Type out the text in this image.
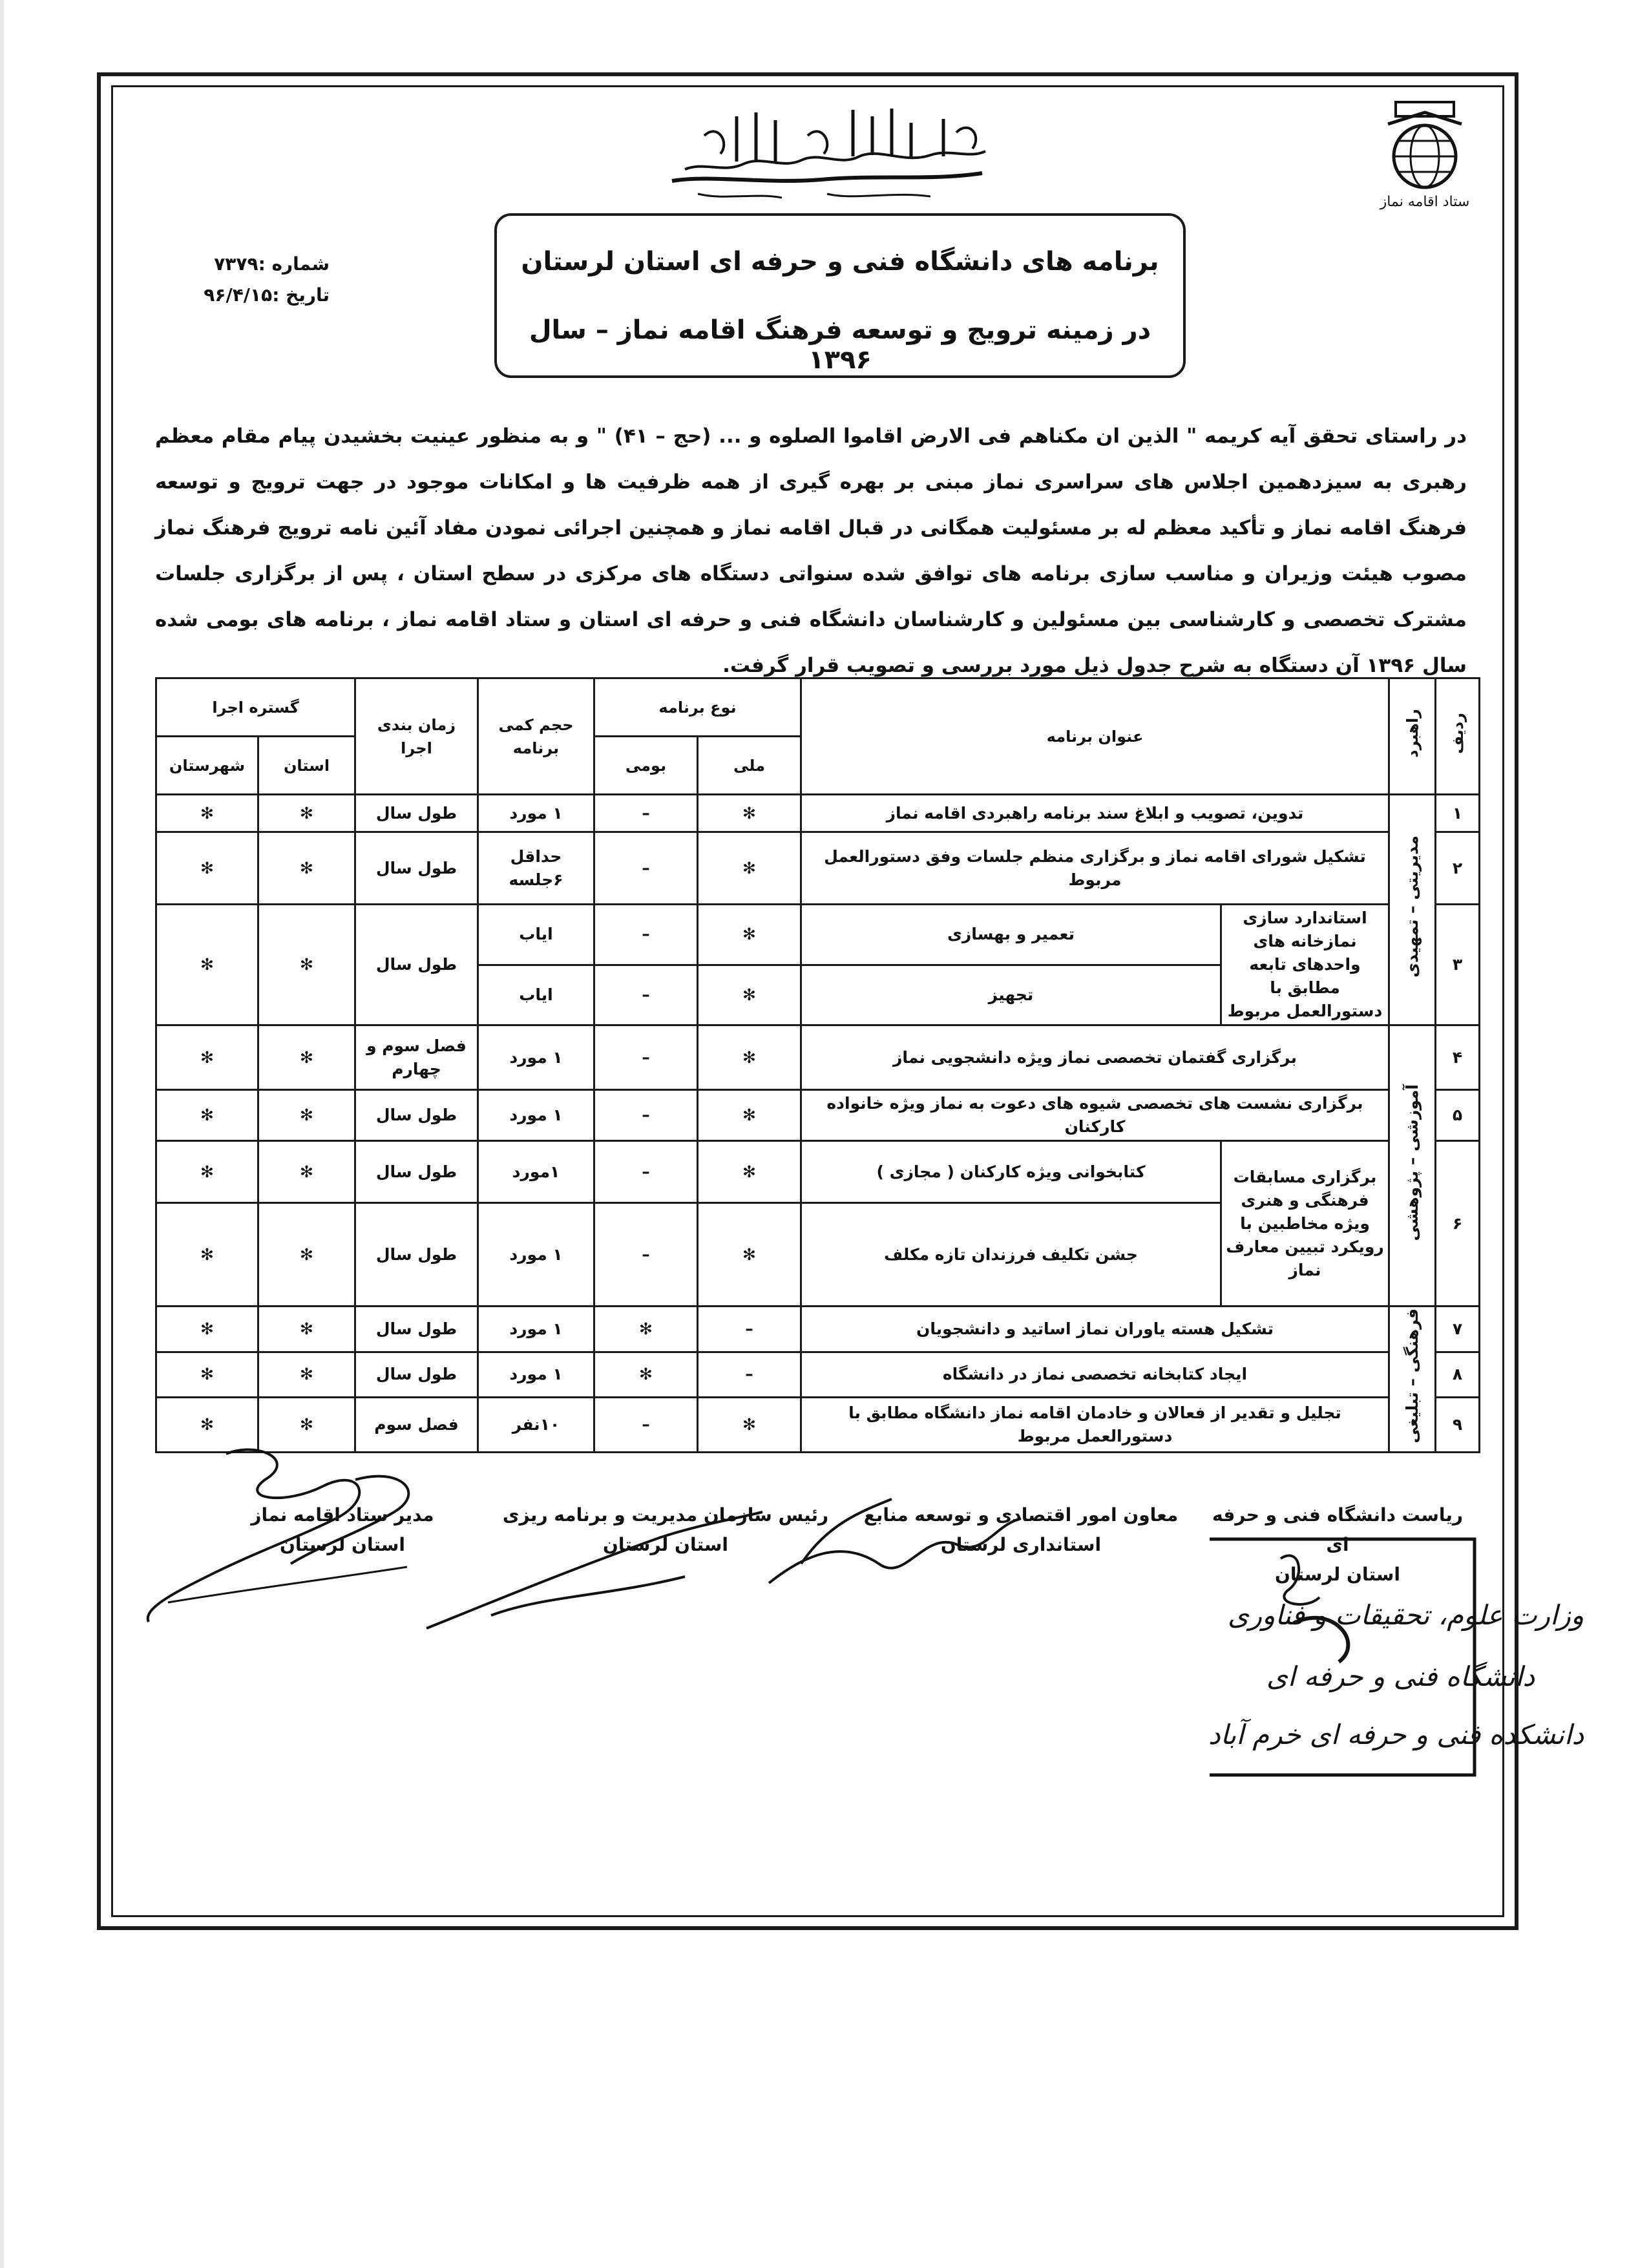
ستاد اقامه نماز
برنامه های دانشگاه فنی و حرفه ای استان لرستان
در زمینه ترویج و توسعه فرهنگ اقامه نماز – سال ۱۳۹۶
شماره :۷۳۷۹
تاریخ :۹۶/۴/۱۵
در راستای تحقق آیه کریمه " الذین ان مکناهم فی الارض اقاموا الصلوه و ... (حج – ۴۱) " و به منظور عینیت بخشیدن پیام مقام معظم رهبری به سیزدهمین اجلاس های سراسری نماز مبنی بر بهره گیری از همه ظرفیت ها و امکانات موجود در جهت ترویج و توسعه فرهنگ اقامه نماز و تأکید معظم له بر مسئولیت همگانی در قبال اقامه نماز و همچنین اجرائی نمودن مفاد آئین نامه ترویج فرهنگ نماز مصوب هیئت وزیران و مناسب سازی برنامه های توافق شده سنواتی دستگاه های مرکزی در سطح استان ، پس از برگزاری جلسات مشترک تخصصی و کارشناسی بین مسئولین و کارشناسان دانشگاه فنی و حرفه ای استان و ستاد اقامه نماز ، برنامه های بومی شده سال ۱۳۹۶ آن دستگاه به شرح جدول ذیل مورد بررسی و تصویب قرار گرفت.
ردیف	راهبرد	عنوان برنامه		نوع برنامه		حجم کمی برنامه	زمان بندی اجرا	گستره اجرا	
				ملی	بومی			استان	شهرستان
۱	مدیریتی – تمهیدی	تدوین، تصویب و ابلاغ سند برنامه راهبردی اقامه نماز		✻	–	۱ مورد	طول سال	✻	✻
۲		تشکیل شورای اقامه نماز و برگزاری منظم جلسات وفق دستورالعمل مربوط		✻	–	حداقل ۶جلسه	طول سال	✻	✻
۳		استاندارد سازی نمازخانه های واحدهای تابعه مطابق با دستورالعمل مربوط	تعمیر و بهسازی	✻	–	ایاب	طول سال	✻	✻
			تجهیز	✻	–	ایاب			
۴	آموزشی – پژوهشی	برگزاری گفتمان تخصصی نماز ویژه دانشجویی نماز		✻	–	۱ مورد	فصل سوم و چهارم	✻	✻
۵		برگزاری نشست های تخصصی شیوه های دعوت به نماز ویژه خانواده کارکنان		✻	–	۱ مورد	طول سال	✻	✻
۶		برگزاری مسابقات فرهنگی و هنری ویژه مخاطبین با رویکرد تبیین معارف نماز	کتابخوانی ویژه کارکنان ( مجازی )	✻	–	۱مورد	طول سال	✻	✻
			جشن تکلیف فرزندان تازه مکلف	✻	–	۱ مورد	طول سال	✻	✻
۷	فرهنگی – تبلیغی	تشکیل هسته یاوران نماز اساتید و دانشجویان		–	✻	۱ مورد	طول سال	✻	✻
۸		ایجاد کتابخانه تخصصی نماز در دانشگاه		–	✻	۱ مورد	طول سال	✻	✻
۹		تجلیل و تقدیر از فعالان و خادمان اقامه نماز دانشگاه مطابق با دستورالعمل مربوط		✻	–	۱۰نفر	فصل سوم	✻	✻
ریاست دانشگاه فنی و حرفه ای
استان لرستان
معاون امور اقتصادی و توسعه منابع
استانداری لرستان
رئیس سازمان مدیریت و برنامه ریزی
استان لرستان
مدیر ستاد اقامه نماز
استان لرستان
وزارت علوم، تحقیقات و فناوری
دانشگاه فنی و حرفه ای
دانشکده فنی و حرفه ای خرم آباد
